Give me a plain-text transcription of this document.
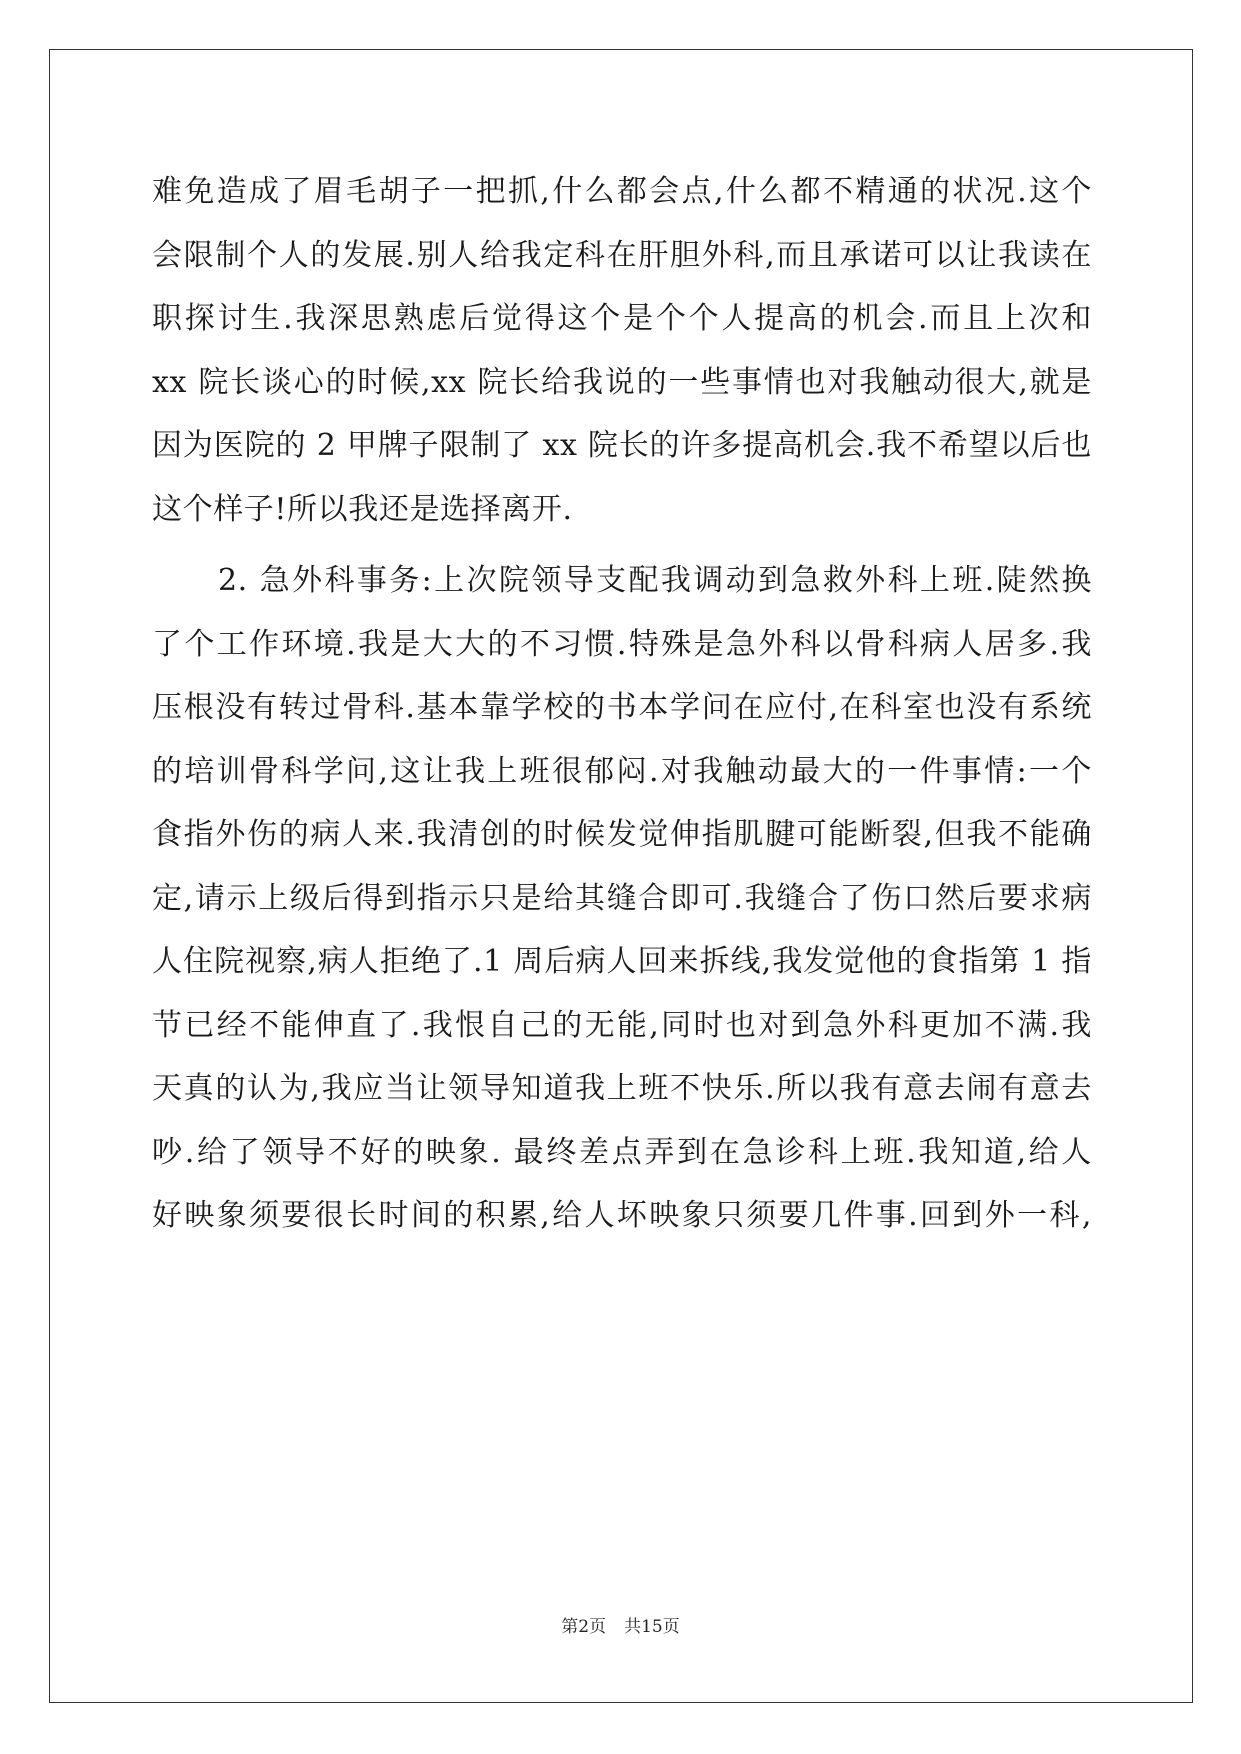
难免造成了眉毛胡子一把抓,什么都会点,什么都不精通的状况.这个
会限制个人的发展.别人给我定科在肝胆外科,而且承诺可以让我读在
职探讨生.我深思熟虑后觉得这个是个个人提高的机会.而且上次和
xx 院长谈心的时候,xx 院长给我说的一些事情也对我触动很大,就是
因为医院的 2 甲牌子限制了 xx 院长的许多提高机会.我不希望以后也
这个样子!所以我还是选择离开.
2. 急外科事务:上次院领导支配我调动到急救外科上班.陡然换
了个工作环境.我是大大的不习惯.特殊是急外科以骨科病人居多.我
压根没有转过骨科.基本靠学校的书本学问在应付,在科室也没有系统
的培训骨科学问,这让我上班很郁闷.对我触动最大的一件事情:一个
食指外伤的病人来.我清创的时候发觉伸指肌腱可能断裂,但我不能确
定,请示上级后得到指示只是给其缝合即可.我缝合了伤口然后要求病
人住院视察,病人拒绝了.1 周后病人回来拆线,我发觉他的食指第 1 指
节已经不能伸直了.我恨自己的无能,同时也对到急外科更加不满.我
天真的认为,我应当让领导知道我上班不快乐.所以我有意去闹有意去
吵.给了领导不好的映象. 最终差点弄到在急诊科上班.我知道,给人
好映象须要很长时间的积累,给人坏映象只须要几件事.回到外一科,
第2页 共15页
